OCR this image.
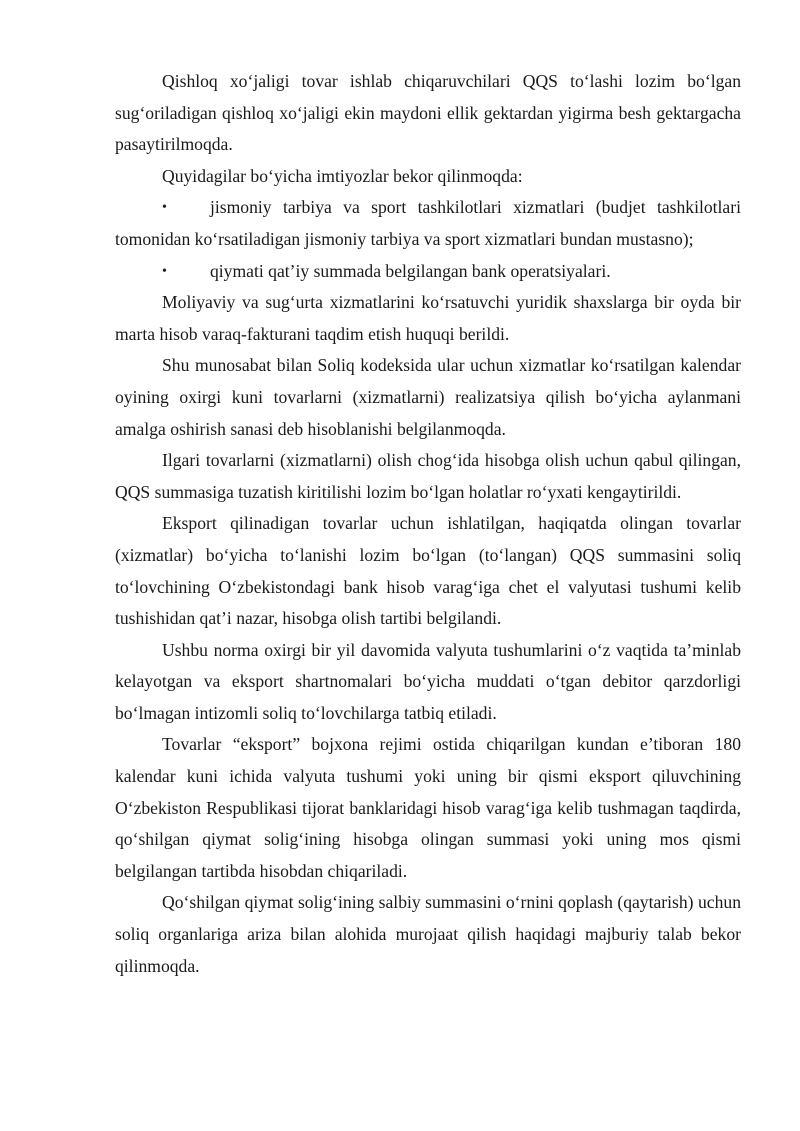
Qishloq xo‘jaligi tovar ishlab chiqaruvchilari QQS to‘lashi lozim bo‘lgan sug‘oriladigan qishloq xo‘jaligi ekin maydoni ellik gektardan yigirma besh gektargacha pasaytirilmoqda.

Quyidagilar bo‘yicha imtiyozlar bekor qilinmoqda:

• jismoniy tarbiya va sport tashkilotlari xizmatlari (budjet tashkilotlari tomonidan ko‘rsatiladigan jismoniy tarbiya va sport xizmatlari bundan mustasno);

• qiymati qat’iy summada belgilangan bank operatsiyalari.

Moliyaviy va sug‘urta xizmatlarini ko‘rsatuvchi yuridik shaxslarga bir oyda bir marta hisob varaq-fakturani taqdim etish huquqi berildi.

Shu munosabat bilan Soliq kodeksida ular uchun xizmatlar ko‘rsatilgan kalendar oyining oxirgi kuni tovarlarni (xizmatlarni) realizatsiya qilish bo‘yicha aylanmani amalga oshirish sanasi deb hisoblanishi belgilanmoqda.

Ilgari tovarlarni (xizmatlarni) olish chog‘ida hisobga olish uchun qabul qilingan, QQS summasiga tuzatish kiritilishi lozim bo‘lgan holatlar ro‘yxati kengaytirildi.

Eksport qilinadigan tovarlar uchun ishlatilgan, haqiqatda olingan tovarlar (xizmatlar) bo‘yicha to‘lanishi lozim bo‘lgan (to‘langan) QQS summasini soliq to‘lovchining O‘zbekistondagi bank hisob varag‘iga chet el valyutasi tushumi kelib tushishidan qat’i nazar, hisobga olish tartibi belgilandi.

Ushbu norma oxirgi bir yil davomida valyuta tushumlarini o‘z vaqtida ta’minlab kelayotgan va eksport shartnomalari bo‘yicha muddati o‘tgan debitor qarzdorligi bo‘lmagan intizomli soliq to‘lovchilarga tatbiq etiladi.

Tovarlar “eksport” bojxona rejimi ostida chiqarilgan kundan e’tiboran 180 kalendar kuni ichida valyuta tushumi yoki uning bir qismi eksport qiluvchining O‘zbekiston Respublikasi tijorat banklaridagi hisob varag‘iga kelib tushmagan taqdirda, qo‘shilgan qiymat solig‘ining hisobga olingan summasi yoki uning mos qismi belgilangan tartibda hisobdan chiqariladi.

Qo‘shilgan qiymat solig‘ining salbiy summasini o‘rnini qoplash (qaytarish) uchun soliq organlariga ariza bilan alohida murojaat qilish haqidagi majburiy talab bekor qilinmoqda.
